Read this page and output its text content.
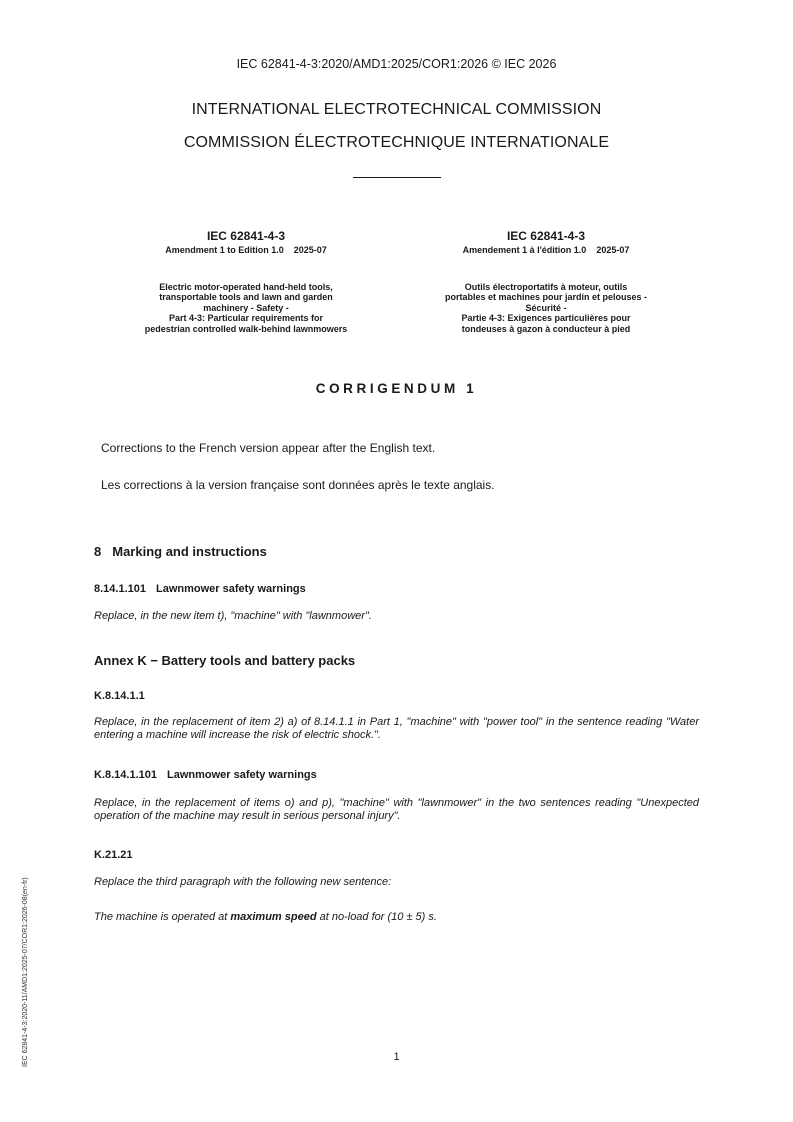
IEC 62841-4-3:2020/AMD1:2025/COR1:2026 © IEC 2026
INTERNATIONAL ELECTROTECHNICAL COMMISSION
COMMISSION ÉLECTROTECHNIQUE INTERNATIONALE
IEC 62841-4-3
Amendment 1 to Edition 1.0    2025-07
Electric motor-operated hand-held tools,
transportable tools and lawn and garden
machinery - Safety -
Part 4-3: Particular requirements for
pedestrian controlled walk-behind lawnmowers
IEC 62841-4-3
Amendement 1 à l'édition 1.0    2025-07
Outils électroportatifs à moteur, outils
portables et machines pour jardin et pelouses -
Sécurité -
Partie 4-3: Exigences particulières pour
tondeuses à gazon à conducteur à pied
CORRIGENDUM 1
Corrections to the French version appear after the English text.
Les corrections à la version française sont données après le texte anglais.
8 Marking and instructions
8.14.1.101 Lawnmower safety warnings
Replace, in the new item t), "machine" with "lawnmower".
Annex K − Battery tools and battery packs
K.8.14.1.1
Replace, in the replacement of item 2) a) of 8.14.1.1 in Part 1, "machine" with "power tool" in the sentence reading "Water entering a machine will increase the risk of electric shock.".
K.8.14.1.101 Lawnmower safety warnings
Replace, in the replacement of items o) and p), "machine" with "lawnmower" in the two sentences reading "Unexpected operation of the machine may result in serious personal injury".
K.21.21
Replace the third paragraph with the following new sentence:
The machine is operated at maximum speed at no-load for (10 ± 5) s.
IEC 62841-4-3:2020-11/AMD1:2025-07/COR1:2026-08(en-fr)	1
